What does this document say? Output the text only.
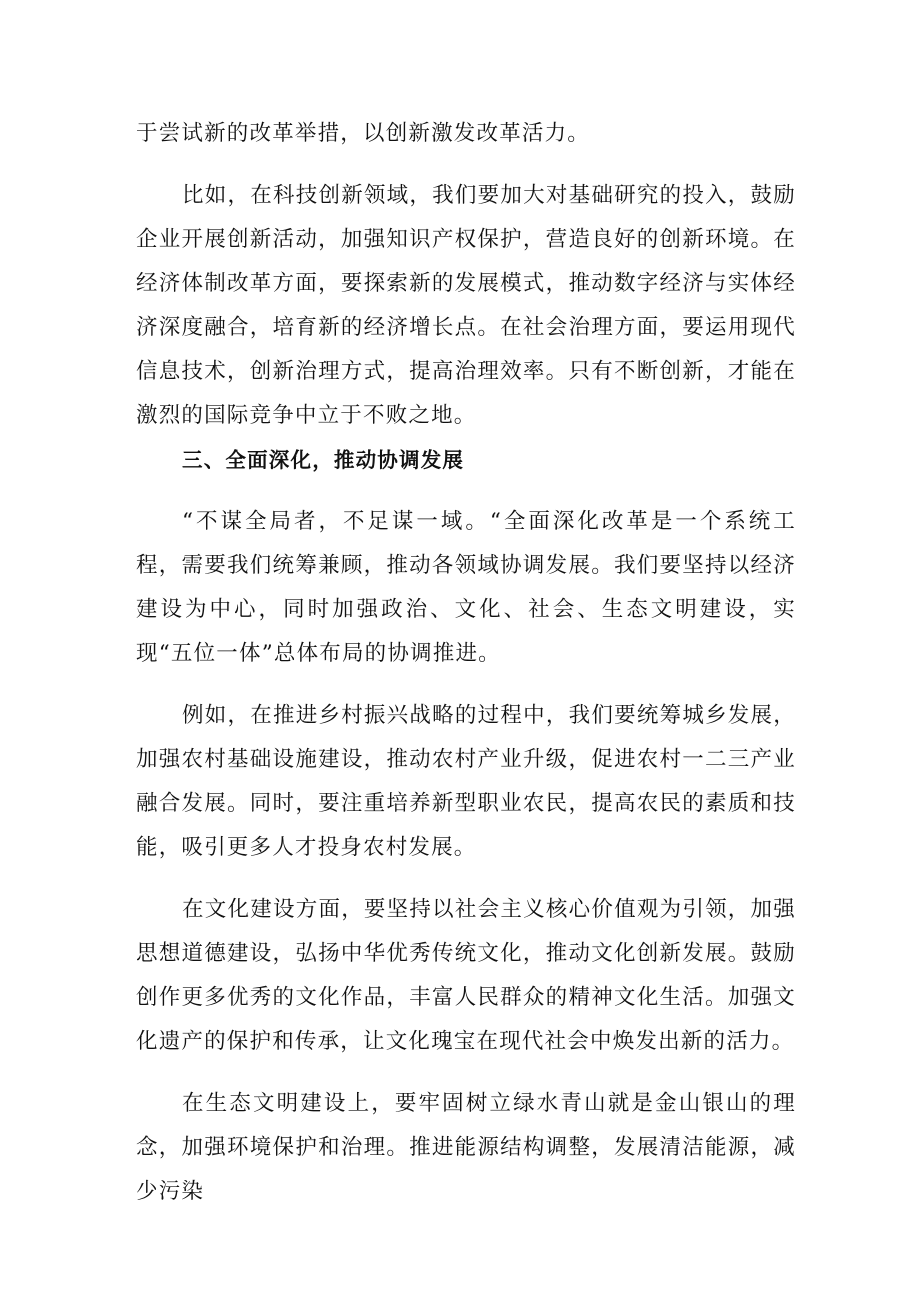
于尝试新的改革举措，以创新激发改革活力。

比如，在科技创新领域，我们要加大对基础研究的投入，鼓励企业开展创新活动，加强知识产权保护，营造良好的创新环境。在经济体制改革方面，要探索新的发展模式，推动数字经济与实体经济深度融合，培育新的经济增长点。在社会治理方面，要运用现代信息技术，创新治理方式，提高治理效率。只有不断创新，才能在激烈的国际竞争中立于不败之地。

三、全面深化，推动协调发展

“不谋全局者，不足谋一域。“全面深化改革是一个系统工程，需要我们统筹兼顾，推动各领域协调发展。我们要坚持以经济建设为中心，同时加强政治、文化、社会、生态文明建设，实现“五位一体”总体布局的协调推进。

例如，在推进乡村振兴战略的过程中，我们要统筹城乡发展，加强农村基础设施建设，推动农村产业升级，促进农村一二三产业融合发展。同时，要注重培养新型职业农民，提高农民的素质和技能，吸引更多人才投身农村发展。

在文化建设方面，要坚持以社会主义核心价值观为引领，加强思想道德建设，弘扬中华优秀传统文化，推动文化创新发展。鼓励创作更多优秀的文化作品，丰富人民群众的精神文化生活。加强文化遗产的保护和传承，让文化瑰宝在现代社会中焕发出新的活力。

在生态文明建设上，要牢固树立绿水青山就是金山银山的理念，加强环境保护和治理。推进能源结构调整，发展清洁能源，减少污染
